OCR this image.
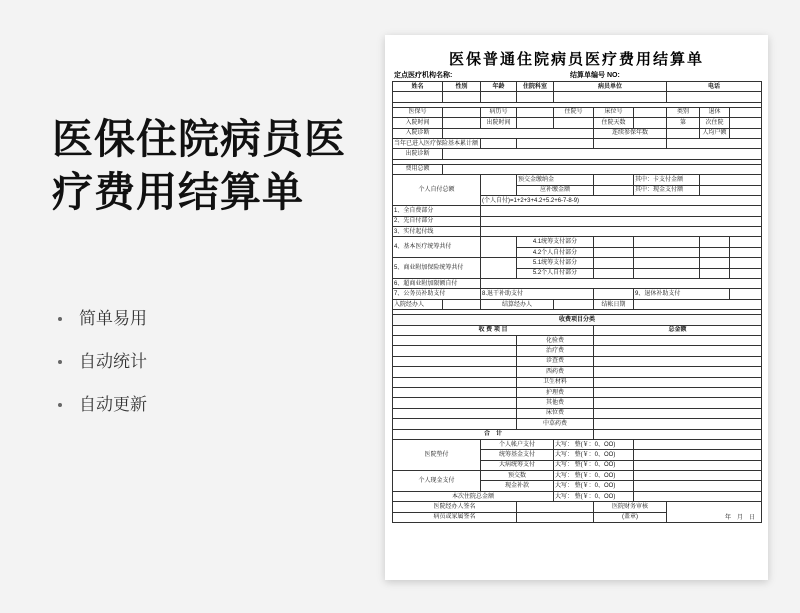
医保住院病员医
疗费用结算单
简单易用
自动统计
自动更新
医保普通住院病员医疗费用结算单
定点医疗机构名称:	结算单编号 NO:
姓名	性别	年龄	住院科室	病员单位			电话		

医保号		病历号		住院号	床位号		类别	退休	
入院时间		出院时间			住院天数		第	次住院	
入院诊断					连续参保年数			人均户额	
当年已进入医疗保险基本累计额									
出院诊断									

费用总额									
个人自付总额			预交金缴纳金			其中：卡支付金额			
			应补缴金额			其中：现金支付额			
		(个人自付)=1+2+3+4.2+5.2+6-7-8-9)							
1、全自费部分									
2、先自付部分									
3、实付起付线									
4、基本医疗统筹共付			4.1统筹支付部分						
			4.2个人自付部分						
5、商业附加保险统筹共付			5.1统筹支付部分						
			5.2个人自付部分						
6、超商业附加限额自付									
7、公务员补助支付		8.退干补助支付				9、退休补助支付			
入院经办人		结算经办人			结帐日期				

收费项目分类									
收 费 项 目					总金额				
			化验费						
			治疗费						
			诊查费						
			西药费						
			卫生材料						
			护理费						
			其他费						
			床位费						
			中草药费						
合　计									
医院垫付		个人帐户支付		大写： 整(￥：0、OO)					
		统筹基金支付		大写： 整(￥：0、OO)					
		大病统筹支付		大写： 整(￥：0、OO)					
个人现金支付		预交数		大写： 整(￥：0、OO)					
		现金补款		大写： 整(￥：0、OO)					
本次住院总金额				大写： 整(￥：0、OO)					
医院经办人签名					医院财务审核		年　月　日		
病员或家属签名					(盖章)				
